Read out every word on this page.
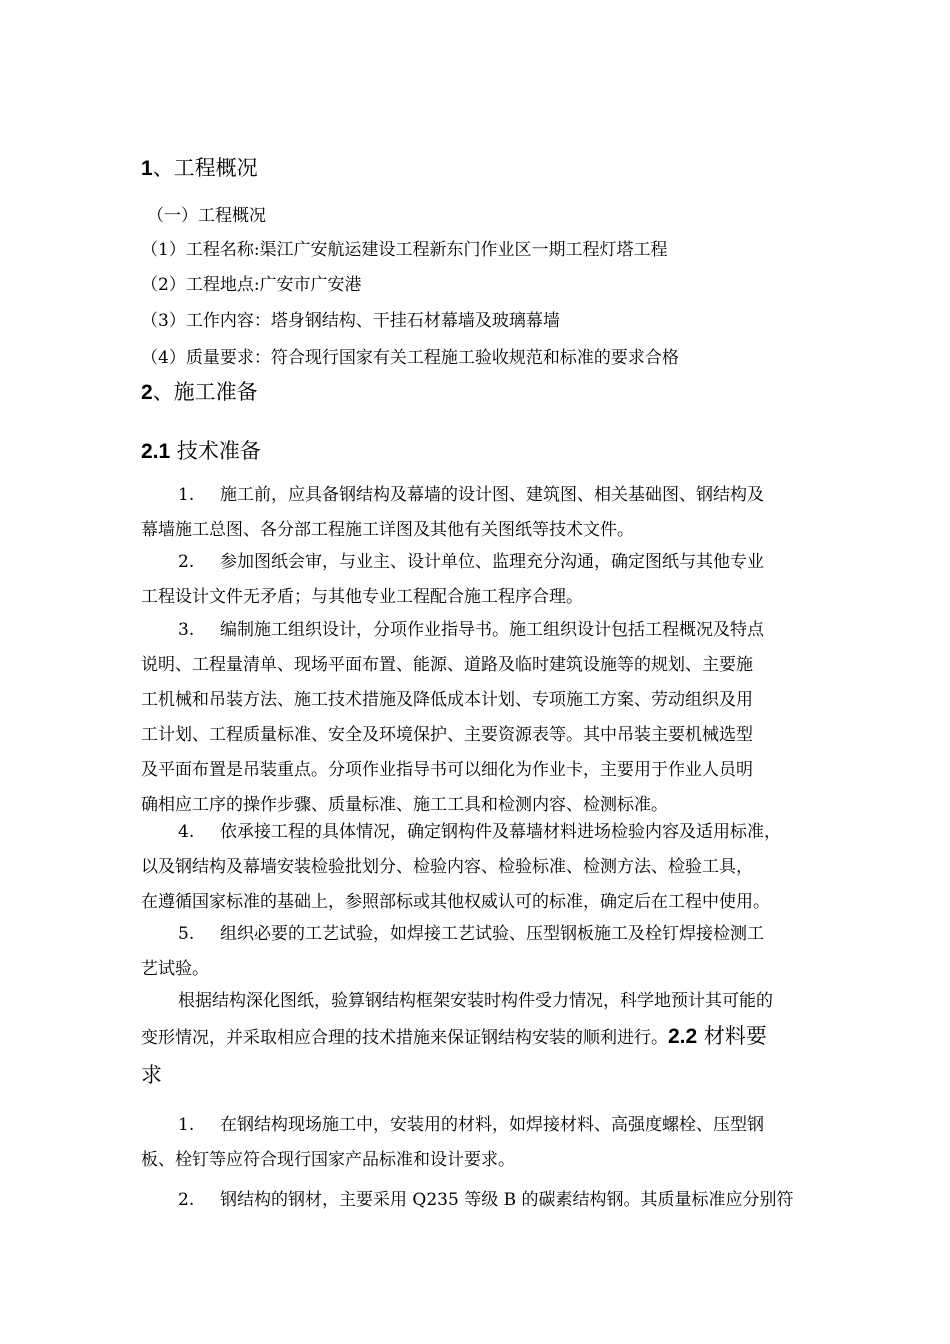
1、工程概况
（一）工程概况
（1）工程名称:渠江广安航运建设工程新东门作业区一期工程灯塔工程
（2）工程地点:广安市广安港
（3）工作内容：塔身钢结构、干挂石材幕墙及玻璃幕墙
（4）质量要求：符合现行国家有关工程施工验收规范和标准的要求合格
2、施工准备
2.1 技术准备
1. 施工前，应具备钢结构及幕墙的设计图、建筑图、相关基础图、钢结构及
幕墙施工总图、各分部工程施工详图及其他有关图纸等技术文件。
2. 参加图纸会审，与业主、设计单位、监理充分沟通，确定图纸与其他专业
工程设计文件无矛盾；与其他专业工程配合施工程序合理。
3. 编制施工组织设计，分项作业指导书。施工组织设计包括工程概况及特点
说明、工程量清单、现场平面布置、能源、道路及临时建筑设施等的规划、主要施
工机械和吊装方法、施工技术措施及降低成本计划、专项施工方案、劳动组织及用
工计划、工程质量标准、安全及环境保护、主要资源表等。其中吊装主要机械选型
及平面布置是吊装重点。分项作业指导书可以细化为作业卡，主要用于作业人员明
确相应工序的操作步骤、质量标准、施工工具和检测内容、检测标准。
4. 依承接工程的具体情况，确定钢构件及幕墙材料进场检验内容及适用标准，
以及钢结构及幕墙安装检验批划分、检验内容、检验标准、检测方法、检验工具，
在遵循国家标准的基础上，参照部标或其他权威认可的标准，确定后在工程中使用。
5. 组织必要的工艺试验，如焊接工艺试验、压型钢板施工及栓钉焊接检测工
艺试验。
根据结构深化图纸，验算钢结构框架安装时构件受力情况，科学地预计其可能的
变形情况，并采取相应合理的技术措施来保证钢结构安装的顺利进行。2.2 材料要
求
1. 在钢结构现场施工中，安装用的材料，如焊接材料、高强度螺栓、压型钢
板、栓钉等应符合现行国家产品标准和设计要求。
2. 钢结构的钢材，主要采用 Q235 等级 B 的碳素结构钢。其质量标准应分别符
